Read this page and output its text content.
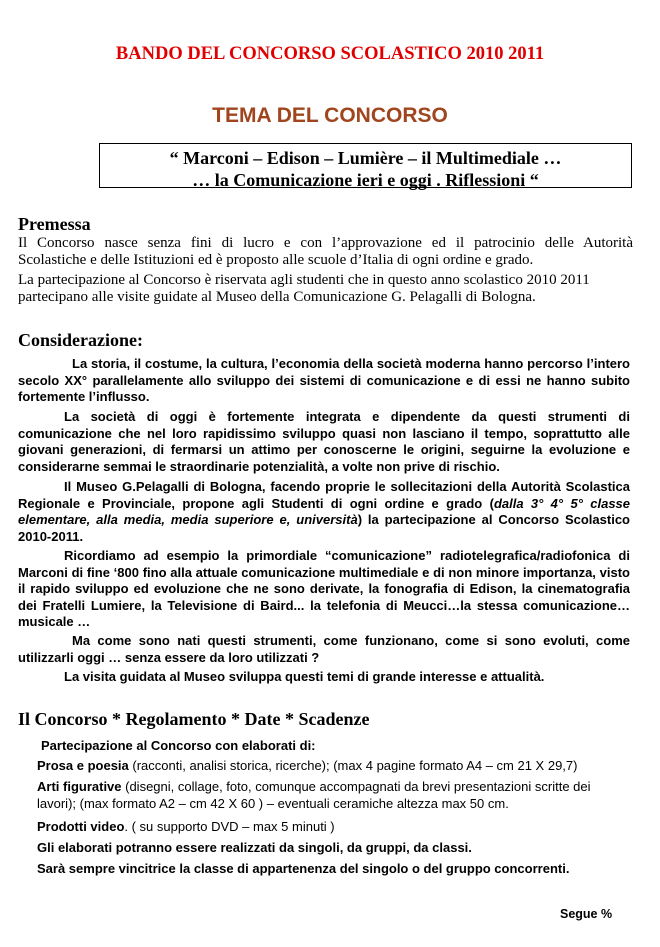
BANDO DEL CONCORSO SCOLASTICO 2010 2011
TEMA DEL CONCORSO
“ Marconi – Edison – Lumière – il Multimediale …
… la Comunicazione ieri e oggi . Riflessioni “
Premessa
Il Concorso nasce senza fini di lucro e con l’approvazione ed il patrocinio delle Autorità
Scolastiche e delle Istituzioni ed è proposto alle scuole d’Italia di ogni ordine e grado.
La partecipazione al Concorso è riservata agli studenti che in questo anno scolastico 2010 2011
partecipano alle visite guidate al Museo della Comunicazione G. Pelagalli di Bologna.
Considerazione:
La storia, il costume, la cultura, l’economia della società moderna hanno percorso l’intero secolo XX° parallelamente allo sviluppo dei sistemi di comunicazione e di essi ne hanno subito fortemente l’influsso.
La società di oggi è fortemente integrata e dipendente da questi strumenti di comunicazione che nel loro rapidissimo sviluppo quasi non lasciano il tempo, soprattutto alle giovani generazioni, di fermarsi un attimo per conoscerne le origini, seguirne la evoluzione e considerarne semmai le straordinarie potenzialità, a volte non prive di rischio.
Il Museo G.Pelagalli di Bologna, facendo proprie le sollecitazioni della Autorità Scolastica Regionale e Provinciale, propone agli Studenti di ogni ordine e grado (dalla 3° 4° 5° classe elementare, alla media, media superiore e, università) la partecipazione al Concorso Scolastico 2010-2011.
Ricordiamo ad esempio la primordiale “comunicazione” radiotelegrafica/radiofonica di Marconi di fine ‘800 fino alla attuale comunicazione multimediale e di non minore importanza, visto il rapido sviluppo ed evoluzione che ne sono derivate, la fonografia di Edison, la cinematografia dei Fratelli Lumiere, la Televisione di Baird... la telefonia di Meucci…la stessa comunicazione… musicale …
Ma come sono nati questi strumenti, come funzionano, come si sono evoluti, come utilizzarli oggi … senza essere da loro utilizzati ?
La visita guidata al Museo sviluppa questi temi di grande interesse e attualità.
Il Concorso * Regolamento * Date * Scadenze
Partecipazione al Concorso con elaborati di:
Prosa e poesia (racconti, analisi storica, ricerche); (max 4 pagine formato A4 – cm 21 X 29,7)
Arti figurative (disegni, collage, foto, comunque accompagnati da brevi presentazioni scritte dei lavori); (max formato A2 – cm 42 X 60 ) – eventuali ceramiche altezza max 50 cm.
Prodotti video. ( su supporto DVD – max 5 minuti )
Gli elaborati potranno essere realizzati da singoli, da gruppi, da classi.
Sarà sempre vincitrice la classe di appartenenza del singolo o del gruppo concorrenti.
Segue %
